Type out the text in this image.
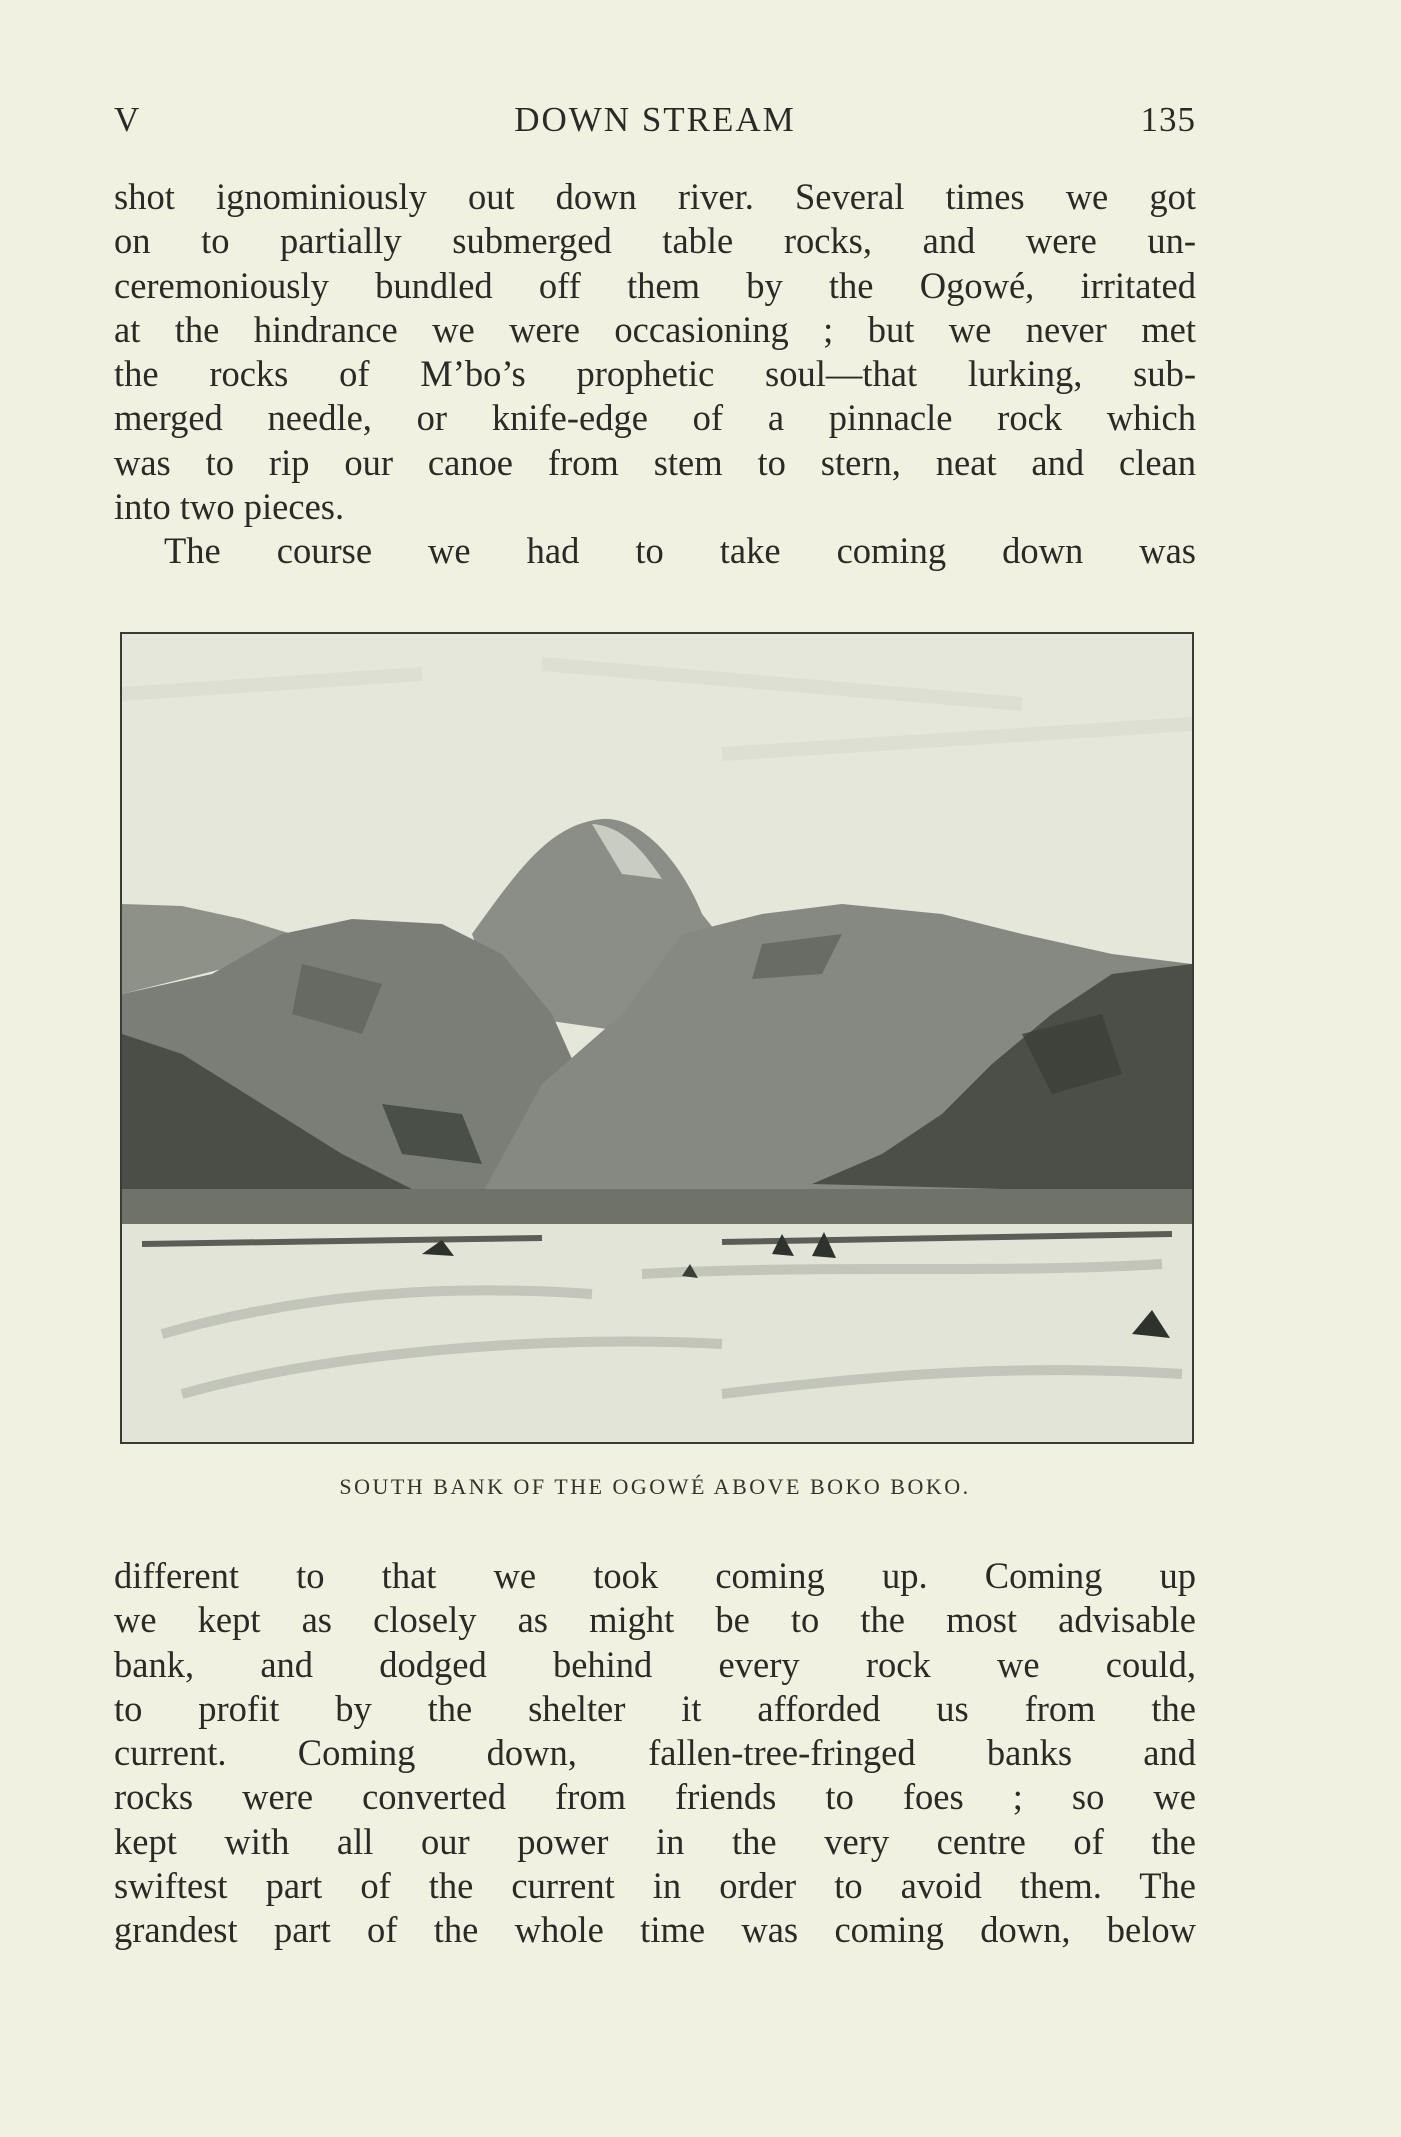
V	DOWN STREAM	135

shot ignominiously out down river. Several times we got

on to partially submerged table rocks, and were un-

ceremoniously bundled off them by the Ogowé, irritated

at the hindrance we were occasioning ; but we never met

the rocks of M’bo’s prophetic soul—that lurking, sub-

merged needle, or knife-edge of a pinnacle rock which

was to rip our canoe from stem to stern, neat and clean

into two pieces.

The course we had to take coming down was

SOUTH BANK OF THE OGOWÉ ABOVE BOKO BOKO.

different to that we took coming up. Coming up

we kept as closely as might be to the most advisable

bank, and dodged behind every rock we could,

to profit by the shelter it afforded us from the

current. Coming down, fallen-tree-fringed banks and

rocks were converted from friends to foes ; so we

kept with all our power in the very centre of the

swiftest part of the current in order to avoid them. The

grandest part of the whole time was coming down, below
